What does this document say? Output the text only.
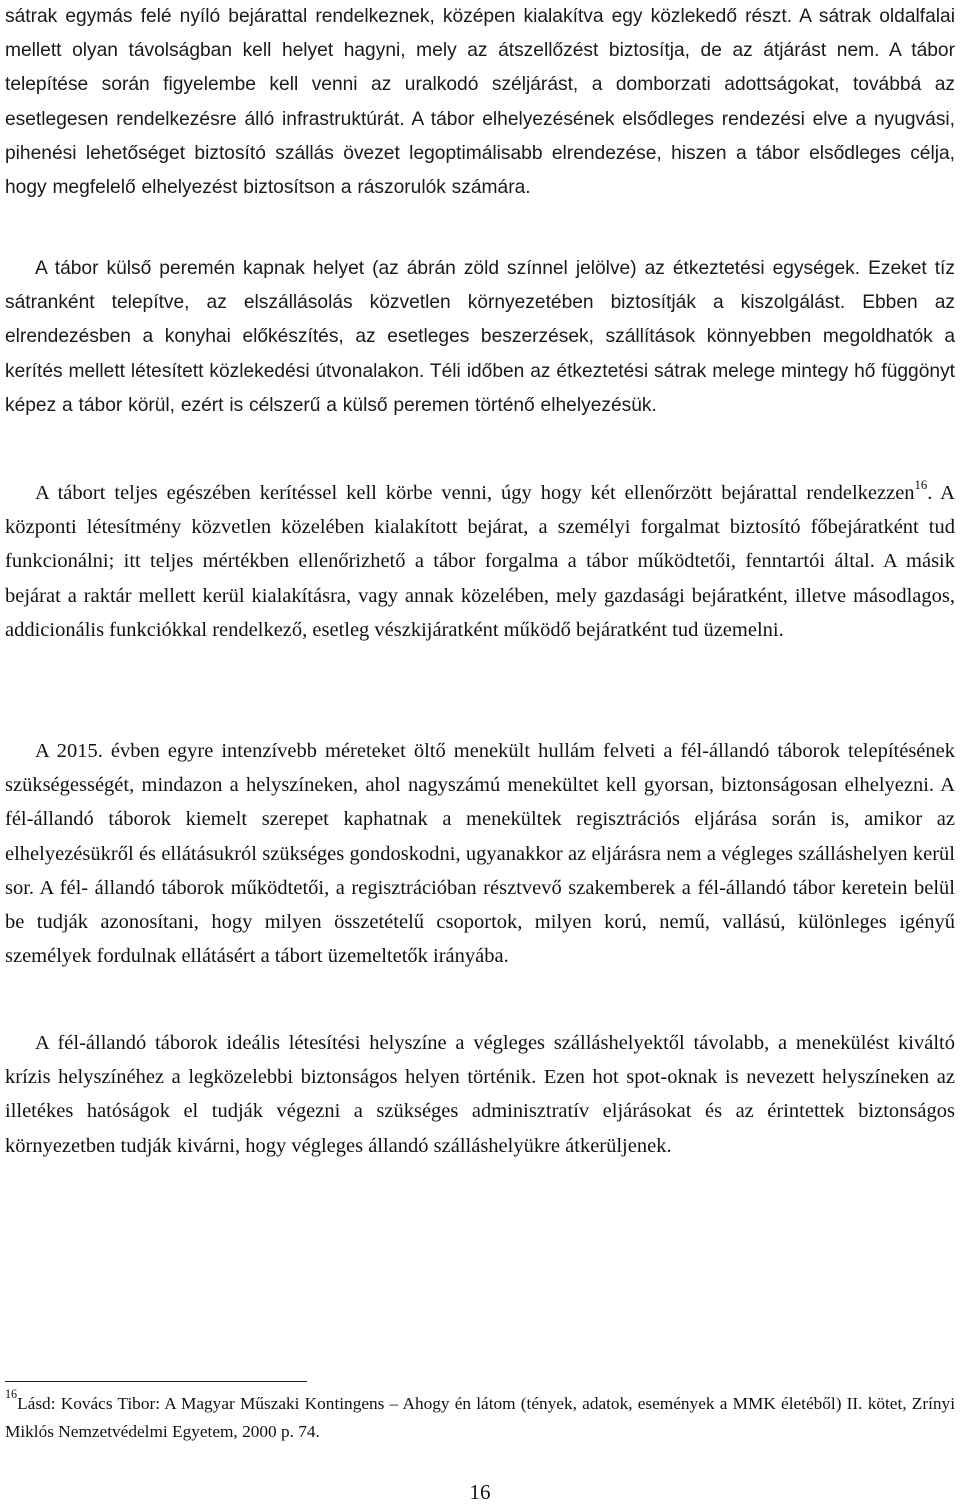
sátrak egymás felé nyíló bejárattal rendelkeznek, középen kialakítva egy közlekedő részt. A sátrak oldalfalai mellett olyan távolságban kell helyet hagyni, mely az átszellőzést biztosítja, de az átjárást nem. A tábor telepítése során figyelembe kell venni az uralkodó széljárást, a domborzati adottságokat, továbbá az esetlegesen rendelkezésre álló infrastruktúrát. A tábor elhelyezésének elsődleges rendezési elve a nyugvási, pihenési lehetőséget biztosító szállás övezet legoptimálisabb elrendezése, hiszen a tábor elsődleges célja, hogy megfelelő elhelyezést biztosítson a rászorulók számára.

A tábor külső peremén kapnak helyet (az ábrán zöld színnel jelölve) az étkeztetési egységek. Ezeket tíz sátranként telepítve, az elszállásolás közvetlen környezetében biztosítják a kiszolgálást. Ebben az elrendezésben a konyhai előkészítés, az esetleges beszerzések, szállítások könnyebben megoldhatók a kerítés mellett létesített közlekedési útvonalakon. Téli időben az étkeztetési sátrak melege mintegy hő függönyt képez a tábor körül, ezért is célszerű a külső peremen történő elhelyezésük.

A tábort teljes egészében kerítéssel kell körbe venni, úgy hogy két ellenőrzött bejárattal rendelkezzen$^{16}$. A központi létesítmény közvetlen közelében kialakított bejárat, a személyi forgalmat biztosító főbejáratként tud funkcionálni; itt teljes mértékben ellenőrizhető a tábor forgalma a tábor működtetői, fenntartói által. A másik bejárat a raktár mellett kerül kialakításra, vagy annak közelében, mely gazdasági bejáratként, illetve másodlagos, addicionális funkciókkal rendelkező, esetleg vészkijáratként működő bejáratként tud üzemelni.

A 2015. évben egyre intenzívebb méreteket öltő menekült hullám felveti a fél-állandó táborok telepítésének szükségességét, mindazon a helyszíneken, ahol nagyszámú menekültet kell gyorsan, biztonságosan elhelyezni. A fél-állandó táborok kiemelt szerepet kaphatnak a menekültek regisztrációs eljárása során is, amikor az elhelyezésükről és ellátásukról szükséges gondoskodni, ugyanakkor az eljárásra nem a végleges szálláshelyen kerül sor. A fél- állandó táborok működtetői, a regisztrációban résztvevő szakemberek a fél-állandó tábor keretein belül be tudják azonosítani, hogy milyen összetételű csoportok, milyen korú, nemű, vallású, különleges igényű személyek fordulnak ellátásért a tábort üzemeltetők irányába.

A fél-állandó táborok ideális létesítési helyszíne a végleges szálláshelyektől távolabb, a menekülést kiváltó krízis helyszínéhez a legközelebbi biztonságos helyen történik. Ezen hot spot-oknak is nevezett helyszíneken az illetékes hatóságok el tudják végezni a szükséges adminisztratív eljárásokat és az érintettek biztonságos környezetben tudják kivárni, hogy végleges állandó szálláshelyükre átkerüljenek.

$^{16}$Lásd: Kovács Tibor: A Magyar Műszaki Kontingens – Ahogy én látom (tények, adatok, események a MMK életéből) II. kötet, Zrínyi Miklós Nemzetvédelmi Egyetem, 2000 p. 74.

16
